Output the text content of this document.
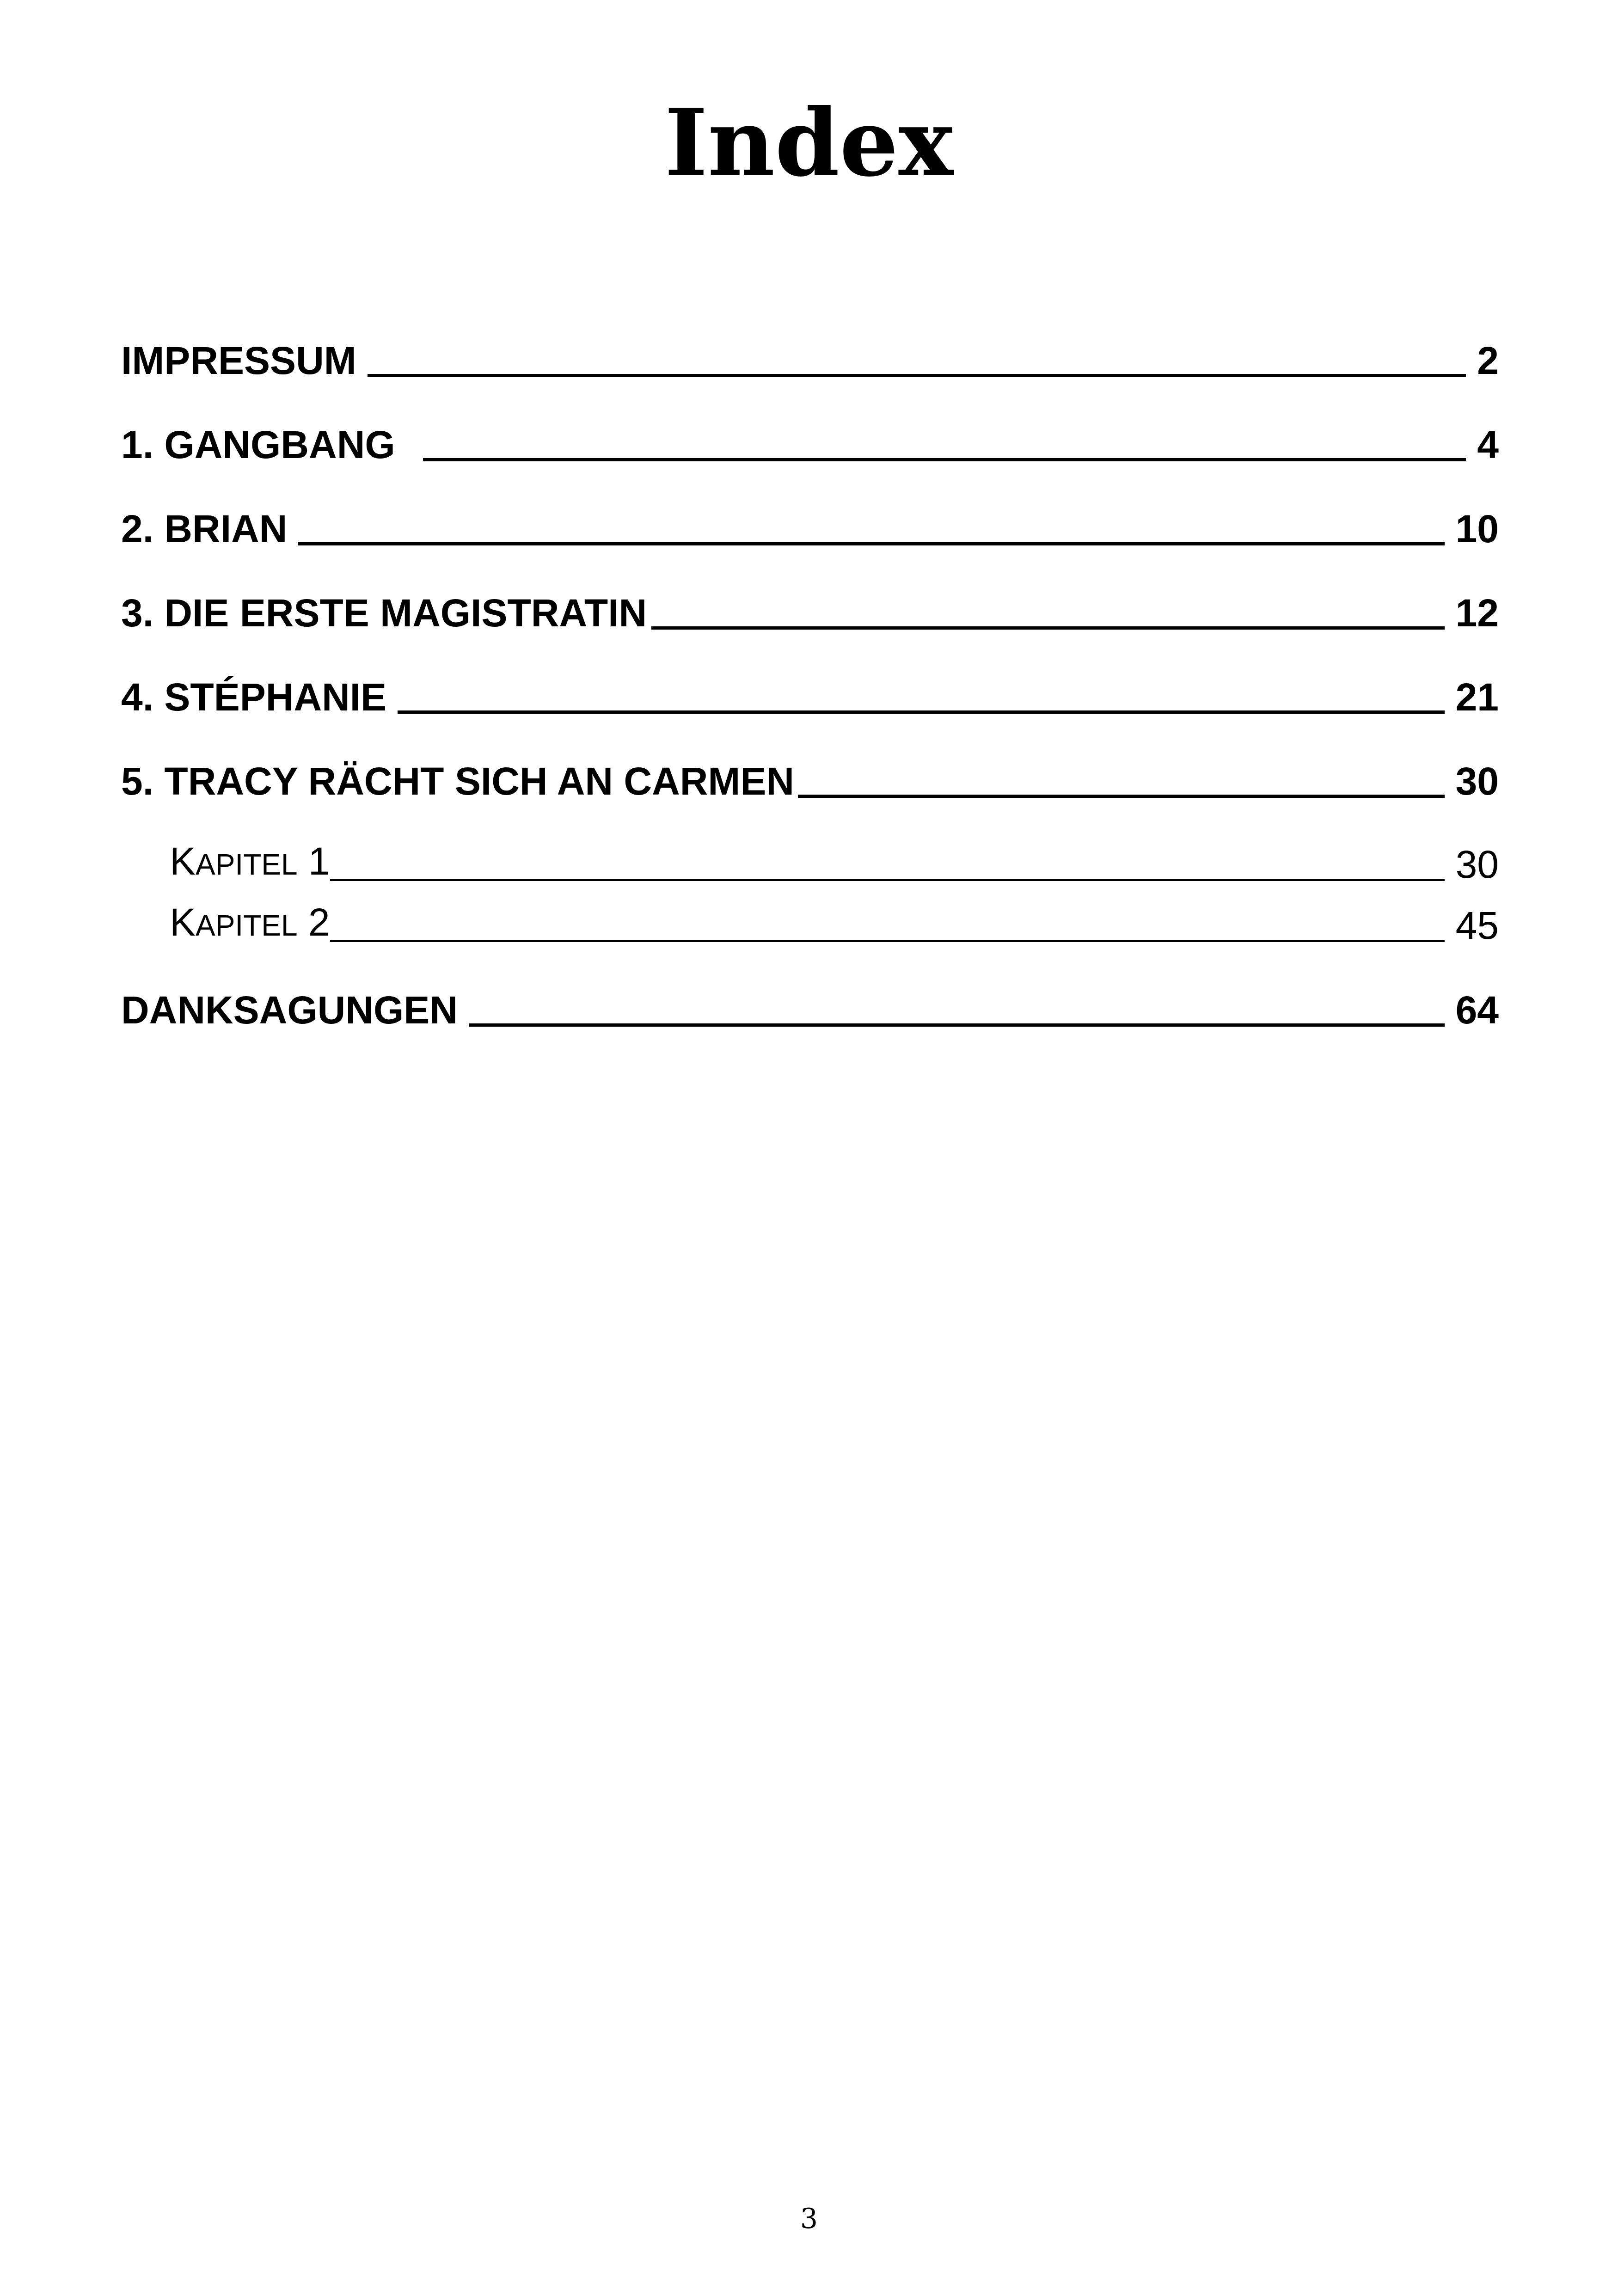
Index
IMPRESSUM	2
1. GANGBANG	4
2. BRIAN	10
3. DIE ERSTE MAGISTRATIN	12
4. STÉPHANIE	21
5. TRACY RÄCHT SICH AN CARMEN	30
KAPITEL 1	30
KAPITEL 2	45
DANKSAGUNGEN	64
3
